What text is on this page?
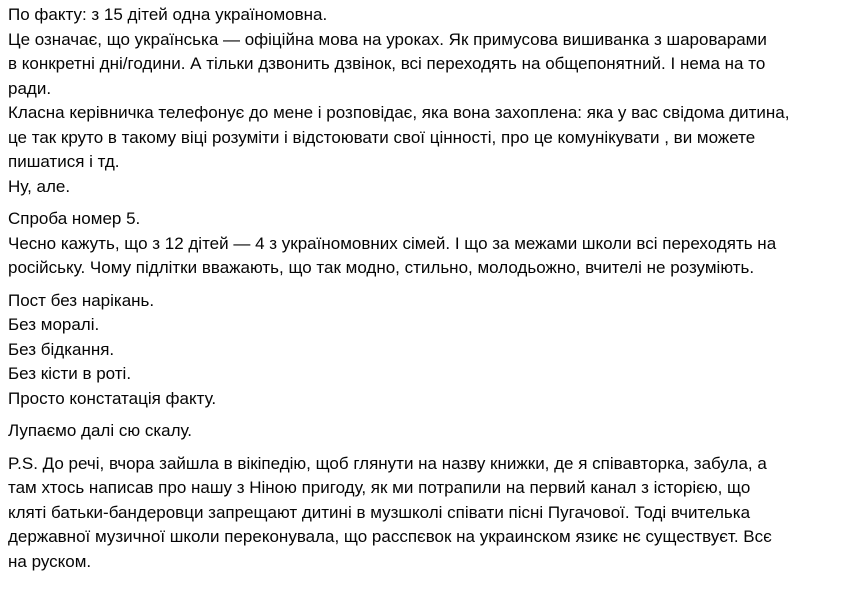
По факту: з 15 дітей одна україномовна.
Це означає, що українська — офіційна мова на уроках. Як примусова вишиванка з шароварами
в конкретні дні/години. А тільки дзвонить дзвінок, всі переходять на общепонятний. І нема на то
ради.
Класна керівничка телефонує до мене і розповідає, яка вона захоплена: яка у вас свідома дитина,
це так круто в такому віці розуміти і відстоювати свої цінності, про це комунікувати , ви можете
пишатися і тд.
Ну, але.
Спроба номер 5.
Чесно кажуть, що з 12 дітей — 4 з україномовних сімей. І що за межами школи всі переходять на
російську. Чому підлітки вважають, що так модно, стильно, молодьожно, вчителі не розуміють.
Пост без нарікань.
Без моралі.
Без бідкання.
Без кісти в роті.
Просто констатація факту.
Лупаємо далі сю скалу.
P.S. До речі, вчора зайшла в вікіпедію, щоб глянути на назву книжки, де я співавторка, забула, а
там хтось написав про нашу з Ніною пригоду, як ми потрапили на первий канал з історією, що
кляті батьки-бандеровци запрещают дитині в музшколі співати пісні Пугачової. Тоді вчителька
державної музичної школи переконувала, що расспєвок на украинском язикє нє существуєт. Всє
на руском.
